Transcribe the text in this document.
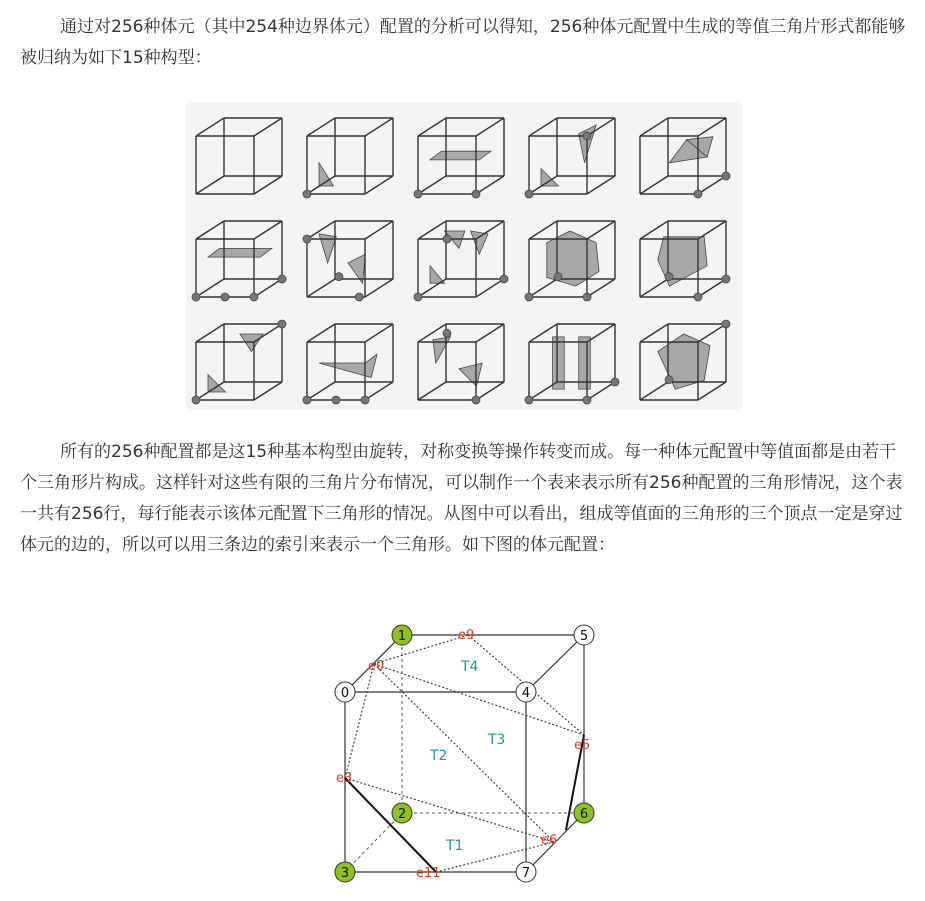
通过对256种体元（其中254种边界体元）配置的分析可以得知，256种体元配置中生成的等值三角片形式都能够被归纳为如下15种构型：

所有的256种配置都是这15种基本构型由旋转，对称变换等操作转变而成。每一种体元配置中等值面都是由若干个三角形片构成。这样针对这些有限的三角片分布情况，可以制作一个表来表示所有256种配置的三角形情况，这个表一共有256行，每行能表示该体元配置下三角形的情况。从图中可以看出，组成等值面的三角形的三个顶点一定是穿过体元的边的，所以可以用三条边的索引来表示一个三角形。如下图的体元配置：

T4
T3
T2
T1
e9
e0
e5
e3
e6
e11
1	5
0	4
2	6
3	7
